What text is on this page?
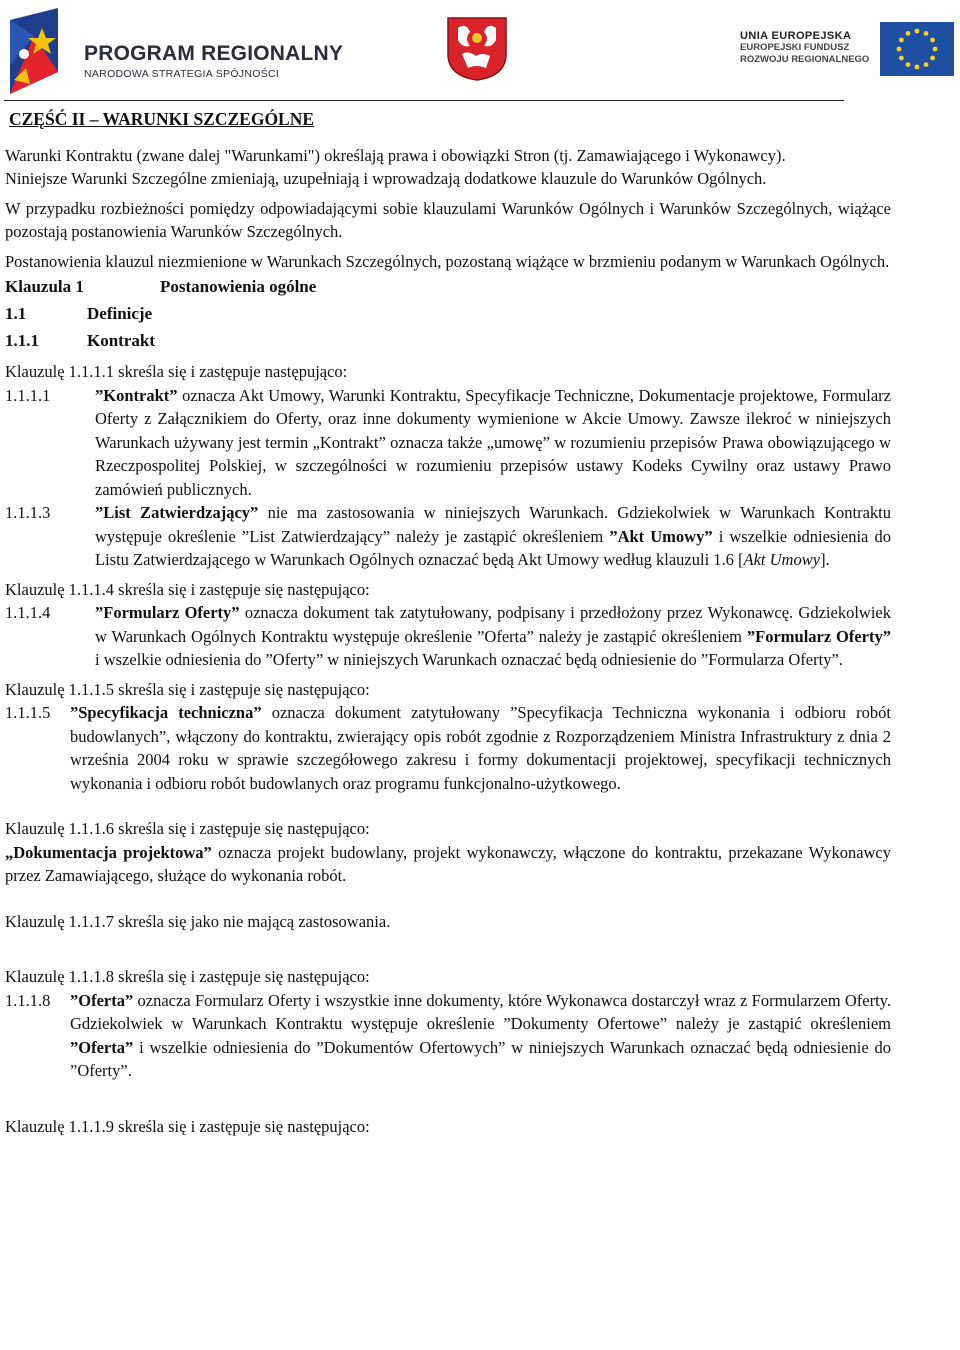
PROGRAM REGIONALNY
NARODOWA STRATEGIA SPÓJNOŚCI
UNIA EUROPEJSKA
EUROPEJSKI FUNDUSZ
ROZWOJU REGIONALNEGO

CZĘŚĆ II – WARUNKI SZCZEGÓLNE

Warunki Kontraktu (zwane dalej "Warunkami") określają prawa i obowiązki Stron (tj. Zamawiającego i Wykonawcy).

Niniejsze Warunki Szczególne zmieniają, uzupełniają i wprowadzają dodatkowe klauzule do Warunków Ogólnych.

W przypadku rozbieżności pomiędzy odpowiadającymi sobie klauzulami Warunków Ogólnych i Warunków Szczególnych, wiążące pozostają postanowienia Warunków Szczególnych.

Postanowienia klauzul niezmienione w Warunkach Szczególnych, pozostaną wiążące w brzmieniu podanym w Warunkach Ogólnych.

Klauzula 1	Postanowienia ogólne

1.1	Definicje

1.1.1	Kontrakt

Klauzulę 1.1.1.1 skreśla się i zastępuje następująco:

1.1.1.1	”Kontrakt” oznacza Akt Umowy, Warunki Kontraktu, Specyfikacje Techniczne, Dokumentacje projektowe, Formularz Oferty z Załącznikiem do Oferty, oraz inne dokumenty wymienione w Akcie Umowy. Zawsze ilekroć w niniejszych Warunkach używany jest termin „Kontrakt” oznacza także „umowę” w rozumieniu przepisów Prawa obowiązującego w Rzeczpospolitej Polskiej, w szczególności w rozumieniu przepisów ustawy Kodeks Cywilny oraz ustawy Prawo zamówień publicznych.
1.1.1.3	”List Zatwierdzający” nie ma zastosowania w niniejszych Warunkach. Gdziekolwiek w Warunkach Kontraktu występuje określenie ”List Zatwierdzający” należy je zastąpić określeniem ”Akt Umowy” i wszelkie odniesienia do Listu Zatwierdzającego w Warunkach Ogólnych oznaczać będą Akt Umowy według klauzuli 1.6 [Akt Umowy].

Klauzulę 1.1.1.4 skreśla się i zastępuje się następująco:

1.1.1.4	”Formularz Oferty” oznacza dokument tak zatytułowany, podpisany i przedłożony przez Wykonawcę. Gdziekolwiek w Warunkach Ogólnych Kontraktu występuje określenie ”Oferta” należy je zastąpić określeniem ”Formularz Oferty” i wszelkie odniesienia do ”Oferty” w niniejszych Warunkach oznaczać będą odniesienie do ”Formularza Oferty”.

Klauzulę 1.1.1.5 skreśla się i zastępuje się następująco:

1.1.1.5 ”Specyfikacja techniczna” oznacza dokument zatytułowany ”Specyfikacja Techniczna wykonania i odbioru robót budowlanych”, włączony do kontraktu, zwierający opis robót zgodnie z Rozporządzeniem Ministra Infrastruktury z dnia 2 września 2004 roku w sprawie szczegółowego zakresu i formy dokumentacji projektowej, specyfikacji technicznych wykonania i odbioru robót budowlanych oraz programu funkcjonalno-użytkowego.

Klauzulę 1.1.1.6 skreśla się i zastępuje się następująco:

„Dokumentacja projektowa” oznacza projekt budowlany, projekt wykonawczy, włączone do kontraktu, przekazane Wykonawcy przez Zamawiającego, służące do wykonania robót.

Klauzulę 1.1.1.7 skreśla się jako nie mającą zastosowania.

Klauzulę 1.1.1.8 skreśla się i zastępuje się następująco:

1.1.1.8 ”Oferta” oznacza Formularz Oferty i wszystkie inne dokumenty, które Wykonawca dostarczył wraz z Formularzem Oferty. Gdziekolwiek w Warunkach Kontraktu występuje określenie ”Dokumenty Ofertowe” należy je zastąpić określeniem ”Oferta” i wszelkie odniesienia do ”Dokumentów Ofertowych” w niniejszych Warunkach oznaczać będą odniesienie do ”Oferty”.

Klauzulę 1.1.1.9 skreśla się i zastępuje się następująco:
